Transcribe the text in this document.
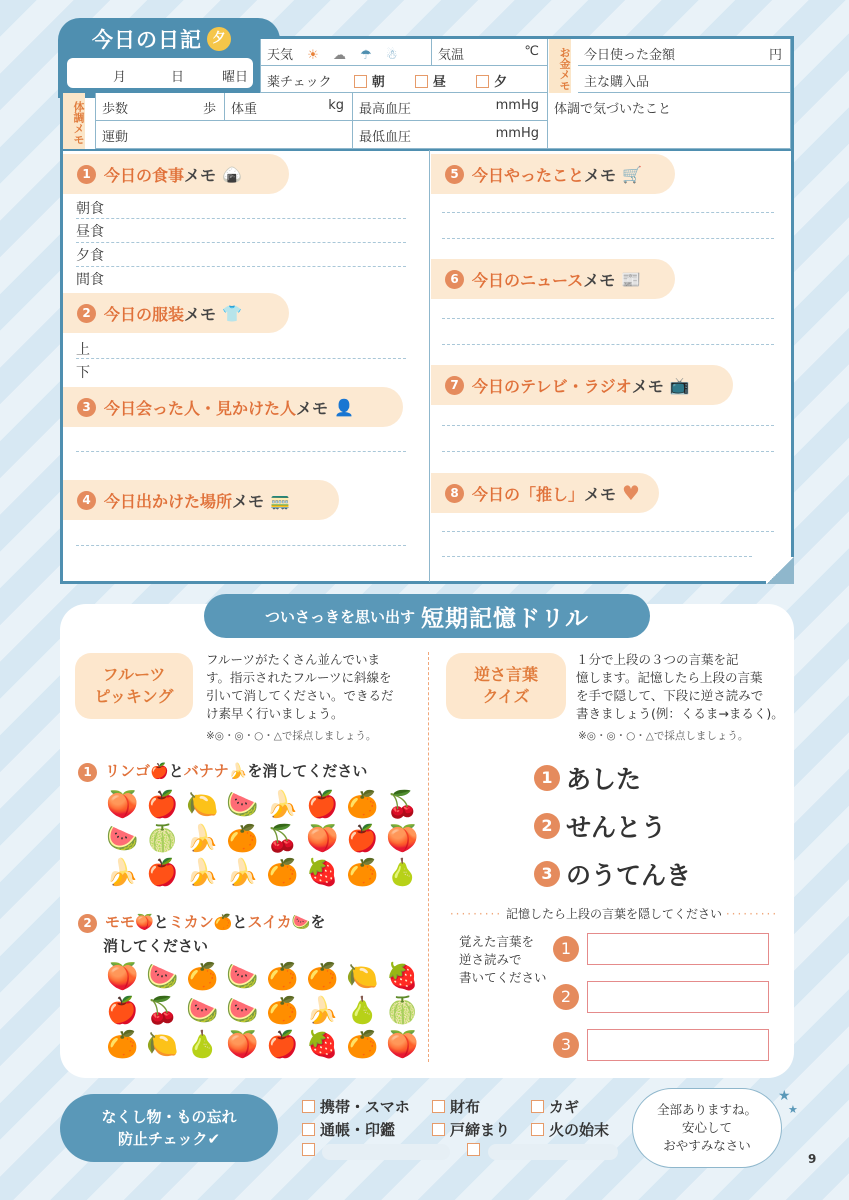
今日の日記 夕
月	日	曜日
天気 ☀ ☁ ☂ ☃	気温	℃	お金メモ	今日使った金額	円
薬チェック	朝	昼	夕	主な購入品
体調メモ	歩数	歩	体重	kg	最高血圧	mmHg	体調で気づいたこと
運動	最低血圧	mmHg
1 今日の食事 メモ 🍙
朝食
昼食
夕食
間食
2 今日の服装 メモ 👕
上
下
3 今日会った人・見かけた人 メモ 👤
4 今日出かけた場所 メモ 🚃
5 今日やったこと メモ 🛒
6 今日のニュース メモ 📰
7 今日のテレビ・ラジオ メモ 📺
8 今日の「推し」 メモ ♥
ついさっきを思い出す 短期記憶ドリル
フルーツ
ピッキング
フルーツがたくさん並んでいま
す。指示されたフルーツに斜線を
引いて消してください。できるだ
け素早く行いましょう。
※◎・◎・○・△で採点しましょう。
1 リンゴ🍎とバナナ🍌を消してください
🍑 🍎 🍋 🍉 🍌 🍎 🍊 🍒
🍉 🍈 🍌 🍊 🍒 🍑 🍎 🍑
🍌 🍎 🍌 🍌 🍊 🍓 🍊 🍐
2 モモ🍑とミカン🍊とスイカ🍉を
消してください
🍑 🍉 🍊 🍉 🍊 🍊 🍋 🍓
🍎 🍒 🍉 🍉 🍊 🍌 🍐 🍈
🍊 🍋 🍐 🍑 🍎 🍓 🍊 🍑
逆さ言葉
クイズ
１分で上段の３つの言葉を記
憶します。記憶したら上段の言葉
を手で隠して、下段に逆さ読みで
書きましょう(例：くるま→まるく)。
※◎・◎・○・△で採点しましょう。
1 あした
2 せんとう
3 のうてんき
········· 記憶したら上段の言葉を隠してください ·········
覚えた言葉を
逆さ読みで
書いてください
1
2
3
なくし物・もの忘れ
防止チェック✔
携帯・スマホ	財布	カギ
通帳・印鑑	戸締まり	火の始末
全部ありますね。
安心して
おやすみなさい
★
★
9
